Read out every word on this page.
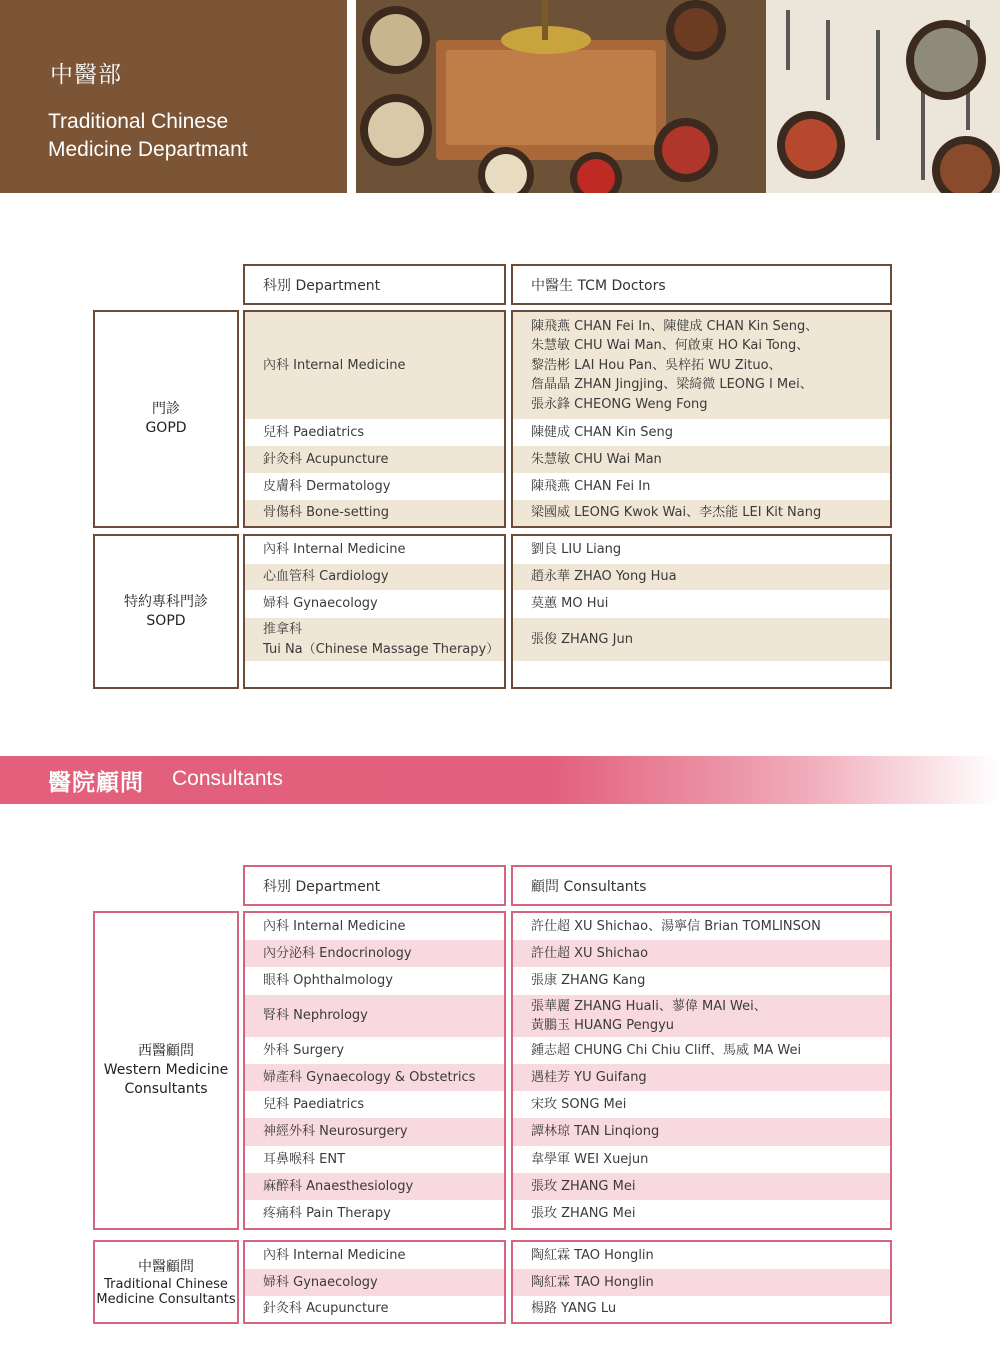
中醫部
Traditional Chinese
Medicine Departmant
科別 Department	中醫生 TCM Doctors
門診
GOPD
內科 Internal Medicine
兒科 Paediatrics
針灸科 Acupuncture
皮膚科 Dermatology
骨傷科 Bone-setting
陳飛燕 CHAN Fei In、陳健成 CHAN Kin Seng、
朱慧敏 CHU Wai Man、何啟東 HO Kai Tong、
黎浩彬 LAI Hou Pan、吳梓拓 WU Zituo、
詹晶晶 ZHAN Jingjing、梁綺微 LEONG I Mei、
張永鋒 CHEONG Weng Fong
陳健成 CHAN Kin Seng
朱慧敏 CHU Wai Man
陳飛燕 CHAN Fei In
梁國威 LEONG Kwok Wai、李杰能 LEI Kit Nang
特約專科門診
SOPD
內科 Internal Medicine
心血管科 Cardiology
婦科 Gynaecology
推拿科
Tui Na（Chinese Massage Therapy）
劉良 LIU Liang
趙永華 ZHAO Yong Hua
莫蕙 MO Hui
張俊 ZHANG Jun
醫院顧問 Consultants
科別 Department	顧問 Consultants
西醫顧問
Western Medicine
Consultants
內科 Internal Medicine
內分泌科 Endocrinology
眼科 Ophthalmology
腎科 Nephrology
外科 Surgery
婦產科 Gynaecology & Obstetrics
兒科 Paediatrics
神經外科 Neurosurgery
耳鼻喉科 ENT
麻醉科 Anaesthesiology
疼痛科 Pain Therapy
許仕超 XU Shichao、湯寧信 Brian TOMLINSON
許仕超 XU Shichao
張康 ZHANG Kang
張華麗 ZHANG Huali、蓼偉 MAI Wei、
黃鵬玉 HUANG Pengyu
鍾志超 CHUNG Chi Chiu Cliff、馬威 MA Wei
遇桂芳 YU Guifang
宋玫 SONG Mei
譚林琼 TAN Linqiong
韋學軍 WEI Xuejun
張玫 ZHANG Mei
張玫 ZHANG Mei
中醫顧問
Traditional Chinese
Medicine Consultants
內科 Internal Medicine
婦科 Gynaecology
針灸科 Acupuncture
陶紅霖 TAO Honglin
陶紅霖 TAO Honglin
楊路 YANG Lu
